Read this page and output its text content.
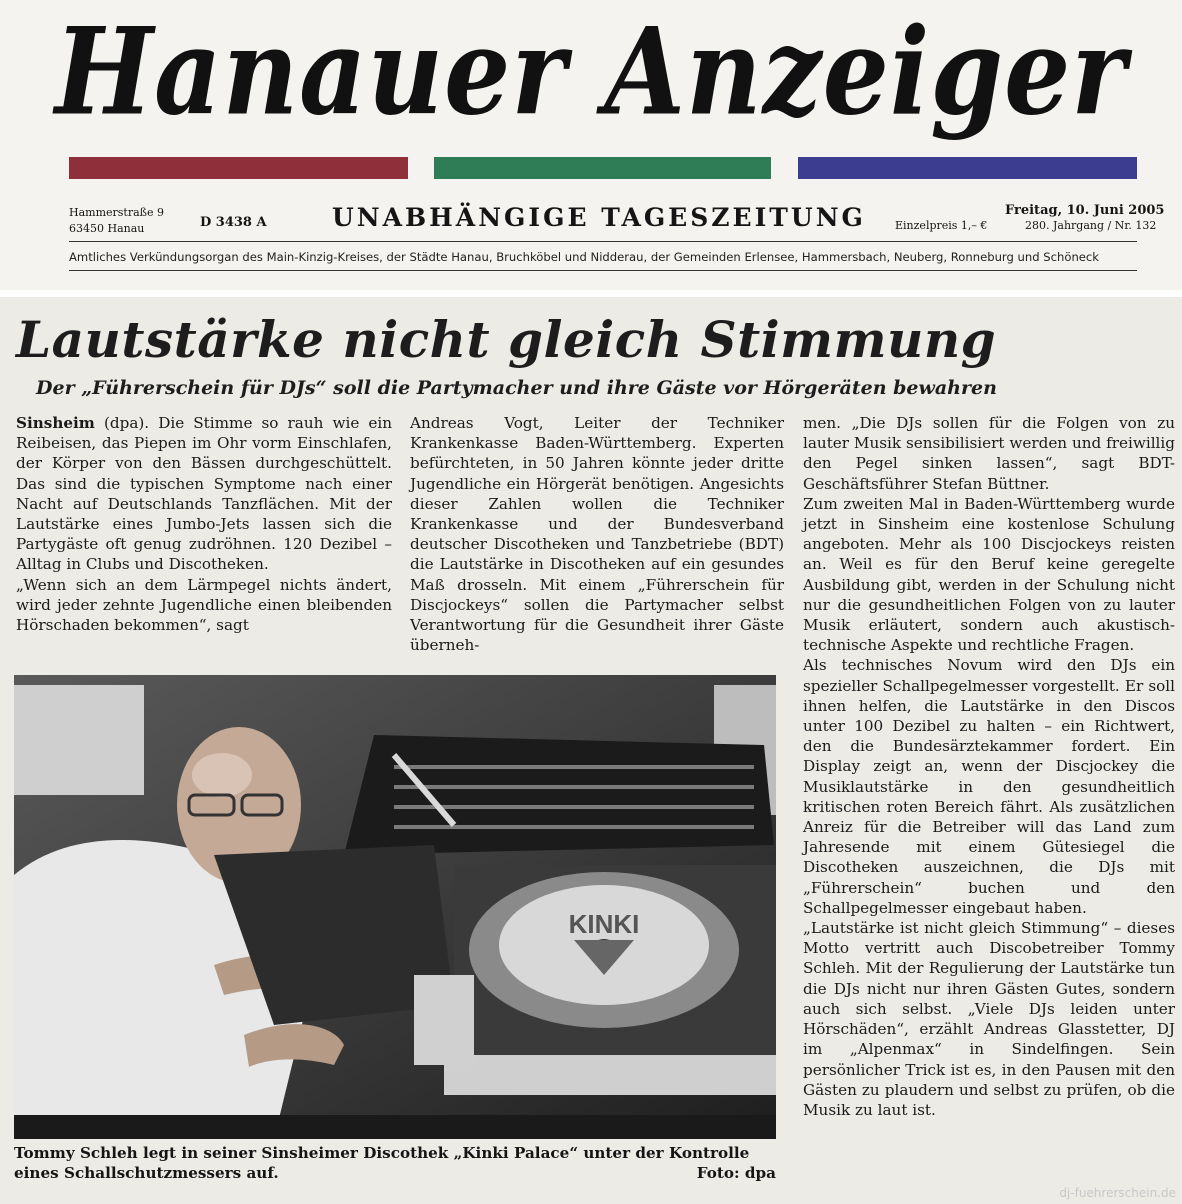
Hanauer Anzeiger
Hammerstraße 9
63450 Hanau	D 3438 A	UNABHÄNGIGE TAGESZEITUNG	Freitag, 10. Juni 2005
Einzelpreis 1,– €	280. Jahrgang / Nr. 132
Amtliches Verkündungsorgan des Main-Kinzig-Kreises, der Städte Hanau, Bruchköbel und Nidderau, der Gemeinden Erlensee, Hammersbach, Neuberg, Ronneburg und Schöneck
Lautstärke nicht gleich Stimmung
Der „Führerschein für DJs“ soll die Partymacher und ihre Gäste vor Hörgeräten bewahren

Sinsheim (dpa). Die Stimme so rauh wie ein Reibeisen, das Piepen im Ohr vorm Einschlafen, der Körper von den Bässen durchgeschüttelt. Das sind die typischen Symptome nach einer Nacht auf Deutschlands Tanzflächen. Mit der Lautstärke eines Jumbo-Jets lassen sich die Partygäste oft genug zudröhnen. 120 Dezibel – Alltag in Clubs und Discotheken.

„Wenn sich an dem Lärmpegel nichts ändert, wird jeder zehnte Jugendliche einen bleibenden Hörschaden bekommen“, sagt

Andreas Vogt, Leiter der Techniker Krankenkasse Baden-Württemberg. Experten befürchteten, in 50 Jahren könnte jeder dritte Jugendliche ein Hörgerät benötigen. Angesichts dieser Zahlen wollen die Techniker Krankenkasse und der Bundesverband deutscher Discotheken und Tanzbetriebe (BDT) die Lautstärke in Discotheken auf ein gesundes Maß drosseln. Mit einem „Führerschein für Discjockeys“ sollen die Partymacher selbst Verantwortung für die Gesundheit ihrer Gäste überneh-

men. „Die DJs sollen für die Folgen von zu lauter Musik sensibilisiert werden und freiwillig den Pegel sinken lassen“, sagt BDT-Geschäftsführer Stefan Büttner.

Zum zweiten Mal in Baden-Württemberg wurde jetzt in Sinsheim eine kostenlose Schulung angeboten. Mehr als 100 Discjockeys reisten an. Weil es für den Beruf keine geregelte Ausbildung gibt, werden in der Schulung nicht nur die gesundheitlichen Folgen von zu lauter Musik erläutert, sondern auch akustisch-technische Aspekte und rechtliche Fragen.

Als technisches Novum wird den DJs ein spezieller Schallpegelmesser vorgestellt. Er soll ihnen helfen, die Lautstärke in den Discos unter 100 Dezibel zu halten – ein Richtwert, den die Bundesärztekammer fordert. Ein Display zeigt an, wenn der Discjockey die Musiklautstärke in den gesundheitlich kritischen roten Bereich fährt. Als zusätzlichen Anreiz für die Betreiber will das Land zum Jahresende mit einem Gütesiegel die Discotheken auszeichnen, die DJs mit „Führerschein“ buchen und den Schallpegelmesser eingebaut haben.

„Lautstärke ist nicht gleich Stimmung“ – dieses Motto vertritt auch Discobetreiber Tommy Schleh. Mit der Regulierung der Lautstärke tun die DJs nicht nur ihren Gästen Gutes, sondern auch sich selbst. „Viele DJs leiden unter Hörschäden“, erzählt Andreas Glasstetter, DJ im „Alpenmax“ in Sindelfingen. Sein persönlicher Trick ist es, in den Pausen mit den Gästen zu plaudern und selbst zu prüfen, ob die Musik zu laut ist.

KINKI
Tommy Schleh legt in seiner Sinsheimer Discothek „Kinki Palace“ unter der Kontrolle eines Schallschutzmessers auf.	Foto: dpa
dj-fuehrerschein.de
